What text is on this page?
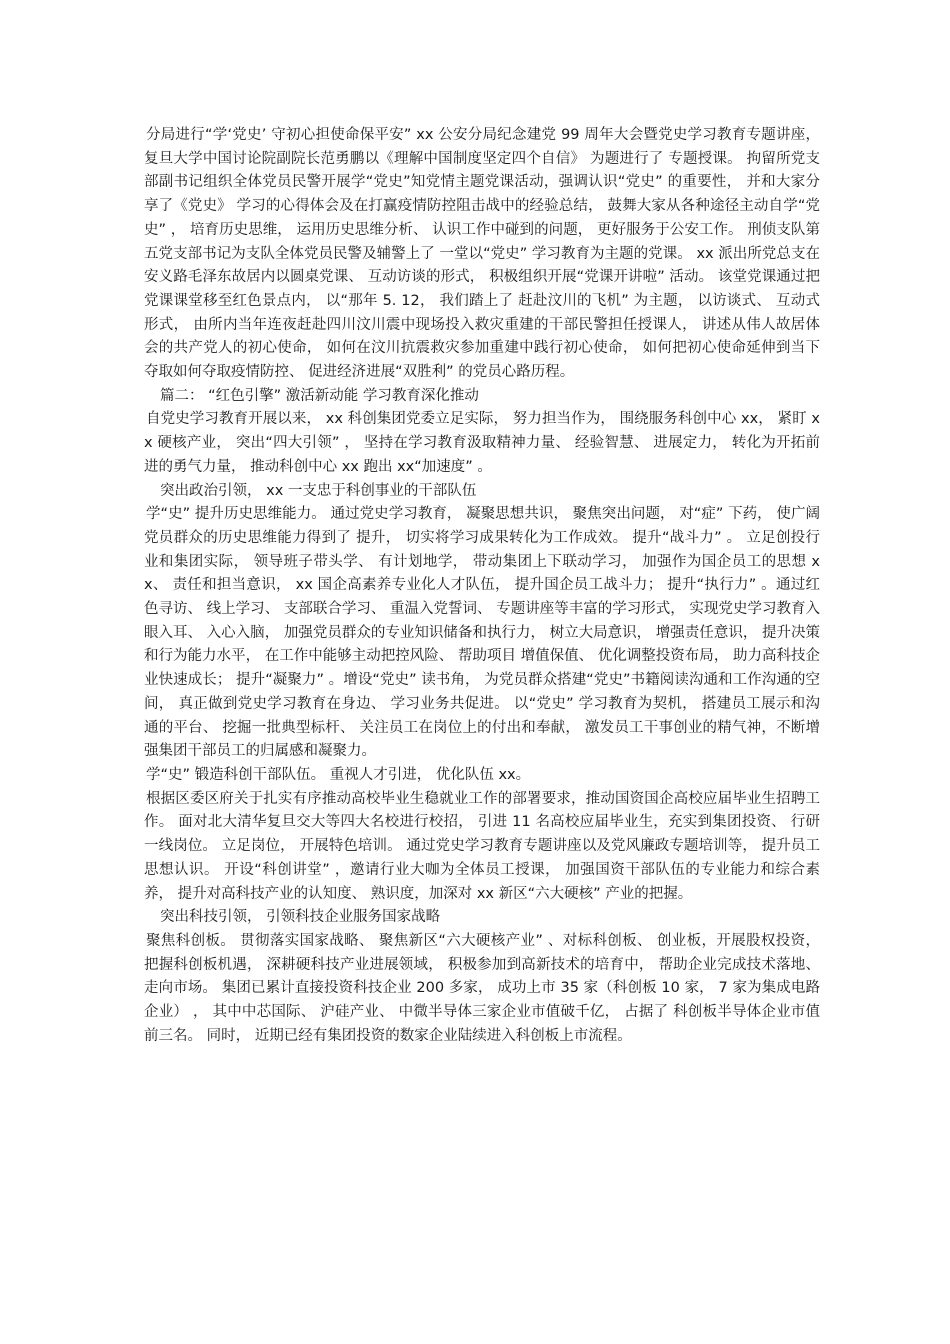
分局进行“学‘党史’ 守初心担使命保平安” xx 公安分局纪念建党 99 周年大会暨党史学习教育专题讲座， 复旦大学中国讨论院副院长范勇鹏以《理解中国制度坚定四个自信》 为题进行了 专题授课。 拘留所党支部副书记组织全体党员民警开展学“党史”知党情主题党课活动，强调认识“党史” 的重要性， 并和大家分享了《党史》 学习的心得体会及在打赢疫情防控阻击战中的经验总结， 鼓舞大家从各种途径主动自学“党史” ， 培育历史思维， 运用历史思维分析、 认识工作中碰到的问题， 更好服务于公安工作。 刑侦支队第五党支部书记为支队全体党员民警及辅警上了 一堂以“党史” 学习教育为主题的党课。 xx 派出所党总支在安义路毛泽东故居内以圆桌党课、 互动访谈的形式， 积极组织开展“党课开讲啦” 活动。 该堂党课通过把党课课堂移至红色景点内， 以“那年 5. 12， 我们踏上了 赶赴汶川的飞机” 为主题， 以访谈式、 互动式形式， 由所内当年连夜赶赴四川汶川震中现场投入救灾重建的干部民警担任授课人， 讲述从伟人故居体会的共产党人的初心使命， 如何在汶川抗震救灾参加重建中践行初心使命， 如何把初心使命延伸到当下夺取如何夺取疫情防控、 促进经济进展“双胜利” 的党员心路历程。

篇二： “红色引擎” 激活新动能 学习教育深化推动

自党史学习教育开展以来， xx 科创集团党委立足实际， 努力担当作为， 围绕服务科创中心 xx， 紧盯 xx 硬核产业， 突出“四大引领” ， 坚持在学习教育汲取精神力量、 经验智慧、 进展定力， 转化为开拓前进的勇气力量， 推动科创中心 xx 跑出 xx“加速度” 。

突出政治引领， xx 一支忠于科创事业的干部队伍

学“史” 提升历史思维能力。 通过党史学习教育， 凝聚思想共识， 聚焦突出问题， 对“症” 下药， 使广阔党员群众的历史思维能力得到了 提升， 切实将学习成果转化为工作成效。 提升“战斗力” 。 立足创投行业和集团实际， 领导班子带头学、 有计划地学， 带动集团上下联动学习， 加强作为国企员工的思想 xx、 责任和担当意识， xx 国企高素养专业化人才队伍， 提升国企员工战斗力； 提升“执行力” 。通过红色寻访、 线上学习、 支部联合学习、 重温入党誓词、 专题讲座等丰富的学习形式， 实现党史学习教育入眼入耳、 入心入脑， 加强党员群众的专业知识储备和执行力， 树立大局意识， 增强责任意识， 提升决策和行为能力水平， 在工作中能够主动把控风险、 帮助项目 增值保值、 优化调整投资布局， 助力高科技企业快速成长； 提升“凝聚力” 。增设“党史” 读书角， 为党员群众搭建“党史”书籍阅读沟通和工作沟通的空间， 真正做到党史学习教育在身边、 学习业务共促进。 以“党史” 学习教育为契机， 搭建员工展示和沟通的平台、 挖掘一批典型标杆、 关注员工在岗位上的付出和奉献， 激发员工干事创业的精气神，不断增强集团干部员工的归属感和凝聚力。

学“史” 锻造科创干部队伍。 重视人才引进， 优化队伍 xx。

根据区委区府关于扎实有序推动高校毕业生稳就业工作的部署要求，推动国资国企高校应届毕业生招聘工作。 面对北大清华复旦交大等四大名校进行校招， 引进 11 名高校应届毕业生，充实到集团投资、 行研一线岗位。 立足岗位， 开展特色培训。 通过党史学习教育专题讲座以及党风廉政专题培训等， 提升员工思想认识。 开设“科创讲堂” ，邀请行业大咖为全体员工授课， 加强国资干部队伍的专业能力和综合素养， 提升对高科技产业的认知度、 熟识度，加深对 xx 新区“六大硬核” 产业的把握。

突出科技引领， 引领科技企业服务国家战略

聚焦科创板。 贯彻落实国家战略、 聚焦新区“六大硬核产业” 、对标科创板、 创业板，开展股权投资， 把握科创板机遇， 深耕硬科技产业进展领域， 积极参加到高新技术的培育中， 帮助企业完成技术落地、 走向市场。 集团已累计直接投资科技企业 200 多家， 成功上市 35 家（科创板 10 家， 7 家为集成电路企业） ， 其中中芯国际、 沪硅产业、 中微半导体三家企业市值破千亿， 占据了 科创板半导体企业市值前三名。 同时， 近期已经有集团投资的数家企业陆续进入科创板上市流程。
